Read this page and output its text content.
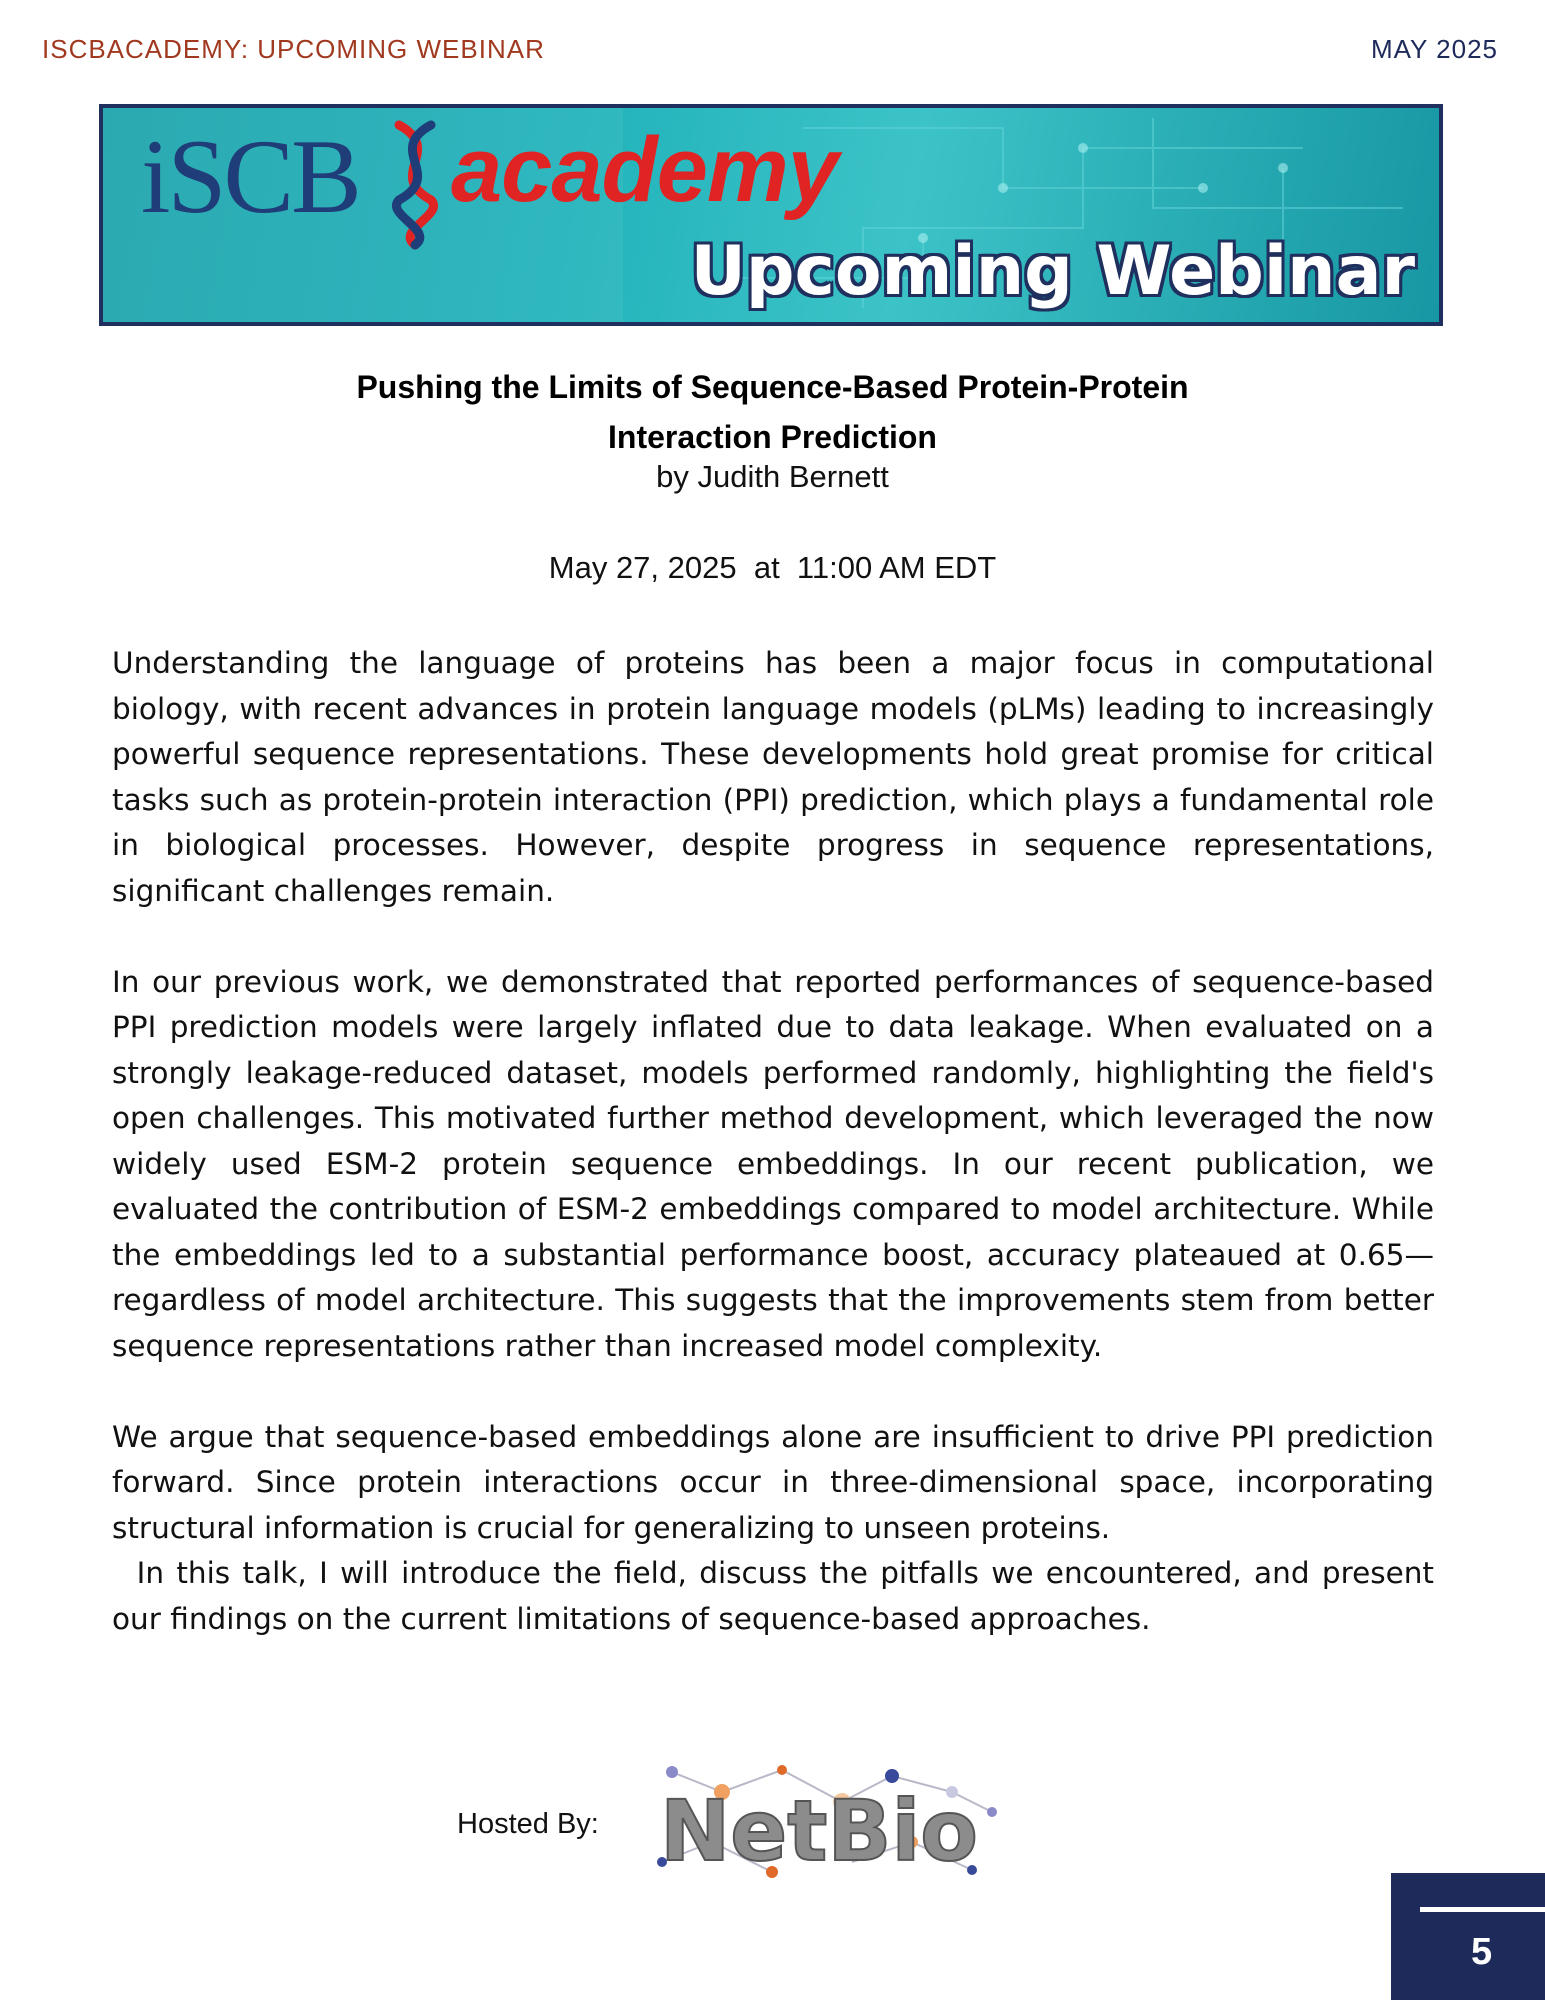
ISCBACADEMY: UPCOMING WEBINAR	MAY 2025
iSCB academy
Upcoming Webinar
Pushing the Limits of Sequence-Based Protein-Protein
Interaction Prediction
by Judith Bernett
May 27, 2025  at  11:00 AM EDT

Understanding the language of proteins has been a major focus in computational biology, with recent advances in protein language models (pLMs) leading to increasingly powerful sequence representations. These developments hold great promise for critical tasks such as protein-protein interaction (PPI) prediction, which plays a fundamental role in biological processes. However, despite progress in sequence representations, significant challenges remain.

In our previous work, we demonstrated that reported performances of sequence-based PPI prediction models were largely inflated due to data leakage. When evaluated on a strongly leakage-reduced dataset, models performed randomly, highlighting the field's open challenges. This motivated further method development, which leveraged the now widely used ESM-2 protein sequence embeddings. In our recent publication, we evaluated the contribution of ESM-2 embeddings compared to model architecture. While the embeddings led to a substantial performance boost, accuracy plateaued at 0.65—regardless of model architecture. This suggests that the improvements stem from better sequence representations rather than increased model complexity.

We argue that sequence-based embeddings alone are insufficient to drive PPI prediction forward. Since protein interactions occur in three-dimensional space, incorporating structural information is crucial for generalizing to unseen proteins.
In this talk, I will introduce the field, discuss the pitfalls we encountered, and present our findings on the current limitations of sequence-based approaches.

Hosted By: NetBio
5
